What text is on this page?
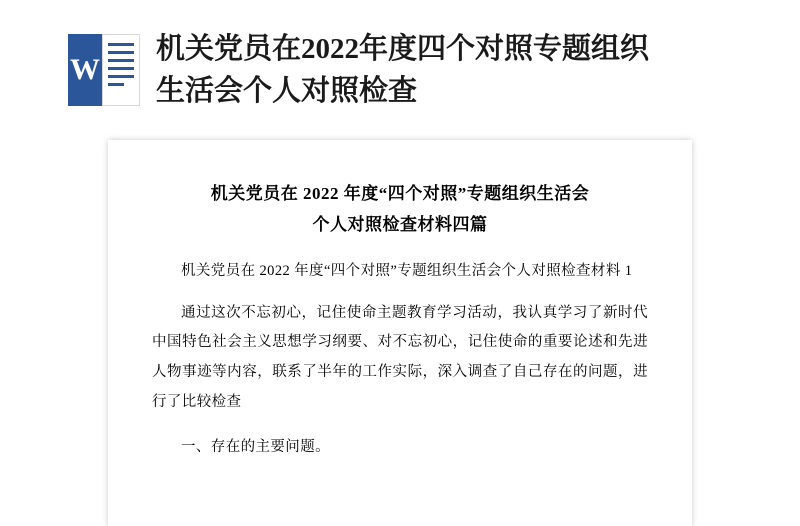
W
机关党员在2022年度四个对照专题组织生活会个人对照检查
机关党员在 2022 年度“四个对照”专题组织生活会
个人对照检查材料四篇

机关党员在 2022 年度“四个对照”专题组织生活会个人对照检查材料 1

通过这次不忘初心，记住使命主题教育学习活动，我认真学习了新时代中国特色社会主义思想学习纲要、对不忘初心，记住使命的重要论述和先进人物事迹等内容，联系了半年的工作实际，深入调查了自己存在的问题，进行了比较检查

一、存在的主要问题。
